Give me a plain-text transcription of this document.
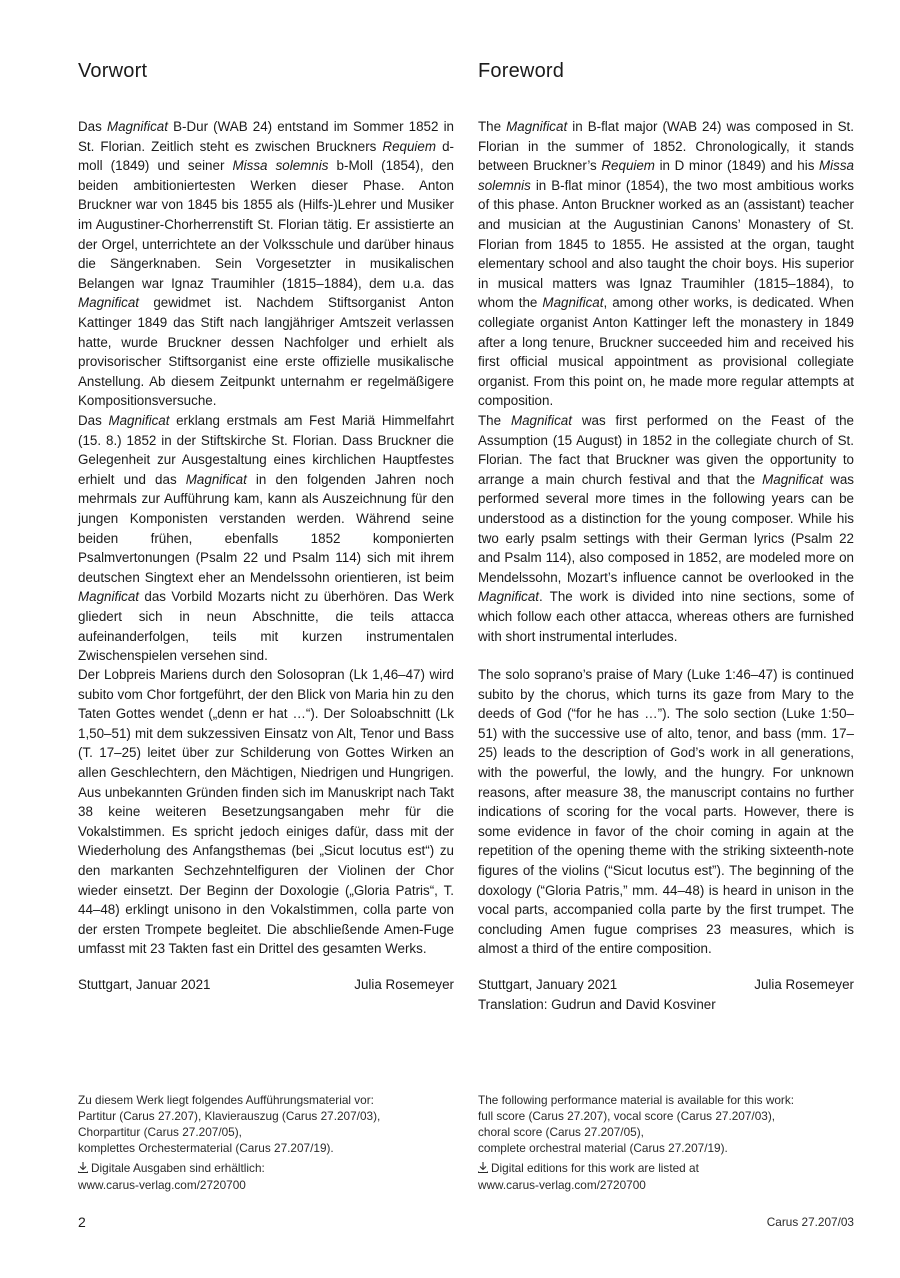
Vorwort

Das Magnificat B-Dur (WAB 24) entstand im Sommer 1852 in St. Florian. Zeitlich steht es zwischen Bruckners Requiem d-moll (1849) und seiner Missa solemnis b-Moll (1854), den beiden ambitioniertesten Werken dieser Phase. Anton Bruckner war von 1845 bis 1855 als (Hilfs-)Lehrer und Musiker im Augustiner-Chorherrenstift St. Florian tätig. Er assistierte an der Orgel, unterrichtete an der Volksschule und darüber hinaus die Sängerknaben. Sein Vorgesetzter in musikalischen Belangen war Ignaz Traumihler (1815–1884), dem u.a. das Magnificat gewidmet ist. Nachdem Stiftsorganist Anton Kattinger 1849 das Stift nach langjähriger Amtszeit verlassen hatte, wurde Bruckner dessen Nachfolger und erhielt als provisorischer Stiftsorganist eine erste offizielle musikalische Anstellung. Ab diesem Zeitpunkt unternahm er regelmäßigere Kompositionsversuche.

Das Magnificat erklang erstmals am Fest Mariä Himmelfahrt (15. 8.) 1852 in der Stiftskirche St. Florian. Dass Bruckner die Gelegenheit zur Ausgestaltung eines kirchlichen Hauptfestes erhielt und das Magnificat in den folgenden Jahren noch mehrmals zur Aufführung kam, kann als Auszeichnung für den jungen Komponisten verstanden werden. Während seine beiden frühen, ebenfalls 1852 komponierten Psalmvertonungen (Psalm 22 und Psalm 114) sich mit ihrem deutschen Singtext eher an Mendelssohn orientieren, ist beim Magnificat das Vorbild Mozarts nicht zu überhören. Das Werk gliedert sich in neun Abschnitte, die teils attacca aufeinanderfolgen, teils mit kurzen instrumentalen Zwischenspielen versehen sind.

Der Lobpreis Mariens durch den Solosopran (Lk 1,46–47) wird subito vom Chor fortgeführt, der den Blick von Maria hin zu den Taten Gottes wendet („denn er hat …“). Der Soloabschnitt (Lk 1,50–51) mit dem sukzessiven Einsatz von Alt, Tenor und Bass (T. 17–25) leitet über zur Schilderung von Gottes Wirken an allen Geschlechtern, den Mächtigen, Niedrigen und Hungrigen. Aus unbekannten Gründen finden sich im Manuskript nach Takt 38 keine weiteren Besetzungsangaben mehr für die Vokalstimmen. Es spricht jedoch einiges dafür, dass mit der Wiederholung des Anfangsthemas (bei „Sicut locutus est“) zu den markanten Sechzehntelfiguren der Violinen der Chor wieder einsetzt. Der Beginn der Doxologie („Gloria Patris“, T. 44–48) erklingt unisono in den Vokalstimmen, colla parte von der ersten Trompete begleitet. Die abschließende Amen-Fuge umfasst mit 23 Takten fast ein Drittel des gesamten Werks.

Stuttgart, Januar 2021	Julia Rosemeyer
Zu diesem Werk liegt folgendes Aufführungsmaterial vor:
Partitur (Carus 27.207), Klavierauszug (Carus 27.207/03),
Chorpartitur (Carus 27.207/05),
komplettes Orchestermaterial (Carus 27.207/19).
Digitale Ausgaben sind erhältlich:
www.carus-verlag.com/2720700
2
Foreword

The Magnificat in B-flat major (WAB 24) was composed in St. Florian in the summer of 1852. Chronologically, it stands between Bruckner’s Requiem in D minor (1849) and his Missa solemnis in B-flat minor (1854), the two most ambitious works of this phase. Anton Bruckner worked as an (assistant) teacher and musician at the Augustinian Canons’ Monastery of St. Florian from 1845 to 1855. He assisted at the organ, taught elementary school and also taught the choir boys. His superior in musical matters was Ignaz Traumihler (1815–1884), to whom the Magnificat, among other works, is dedicated. When collegiate organist Anton Kattinger left the monastery in 1849 after a long tenure, Bruckner succeeded him and received his first official musical appointment as provisional collegiate organist. From this point on, he made more regular attempts at composition.

The Magnificat was first performed on the Feast of the Assumption (15 August) in 1852 in the collegiate church of St. Florian. The fact that Bruckner was given the opportunity to arrange a main church festival and that the Magnificat was performed several more times in the following years can be understood as a distinction for the young composer. While his two early psalm settings with their German lyrics (Psalm 22 and Psalm 114), also composed in 1852, are modeled more on Mendelssohn, Mozart’s influence cannot be overlooked in the Magnificat. The work is divided into nine sections, some of which follow each other attacca, whereas others are furnished with short instrumental interludes.

The solo soprano’s praise of Mary (Luke 1:46–47) is continued subito by the chorus, which turns its gaze from Mary to the deeds of God (“for he has …”). The solo section (Luke 1:50–51) with the successive use of alto, tenor, and bass (mm. 17–25) leads to the description of God’s work in all generations, with the powerful, the lowly, and the hungry. For unknown reasons, after measure 38, the manuscript contains no further indications of scoring for the vocal parts. However, there is some evidence in favor of the choir coming in again at the repetition of the opening theme with the striking sixteenth-note figures of the violins (“Sicut locutus est”). The beginning of the doxology (“Gloria Patris,” mm. 44–48) is heard in unison in the vocal parts, accompanied colla parte by the first trumpet. The concluding Amen fugue comprises 23 measures, which is almost a third of the entire composition.

Stuttgart, January 2021	Julia Rosemeyer
Translation: Gudrun and David Kosviner
The following performance material is available for this work:
full score (Carus 27.207), vocal score (Carus 27.207/03),
choral score (Carus 27.207/05),
complete orchestral material (Carus 27.207/19).
Digital editions for this work are listed at
www.carus-verlag.com/2720700
Carus 27.207/03
